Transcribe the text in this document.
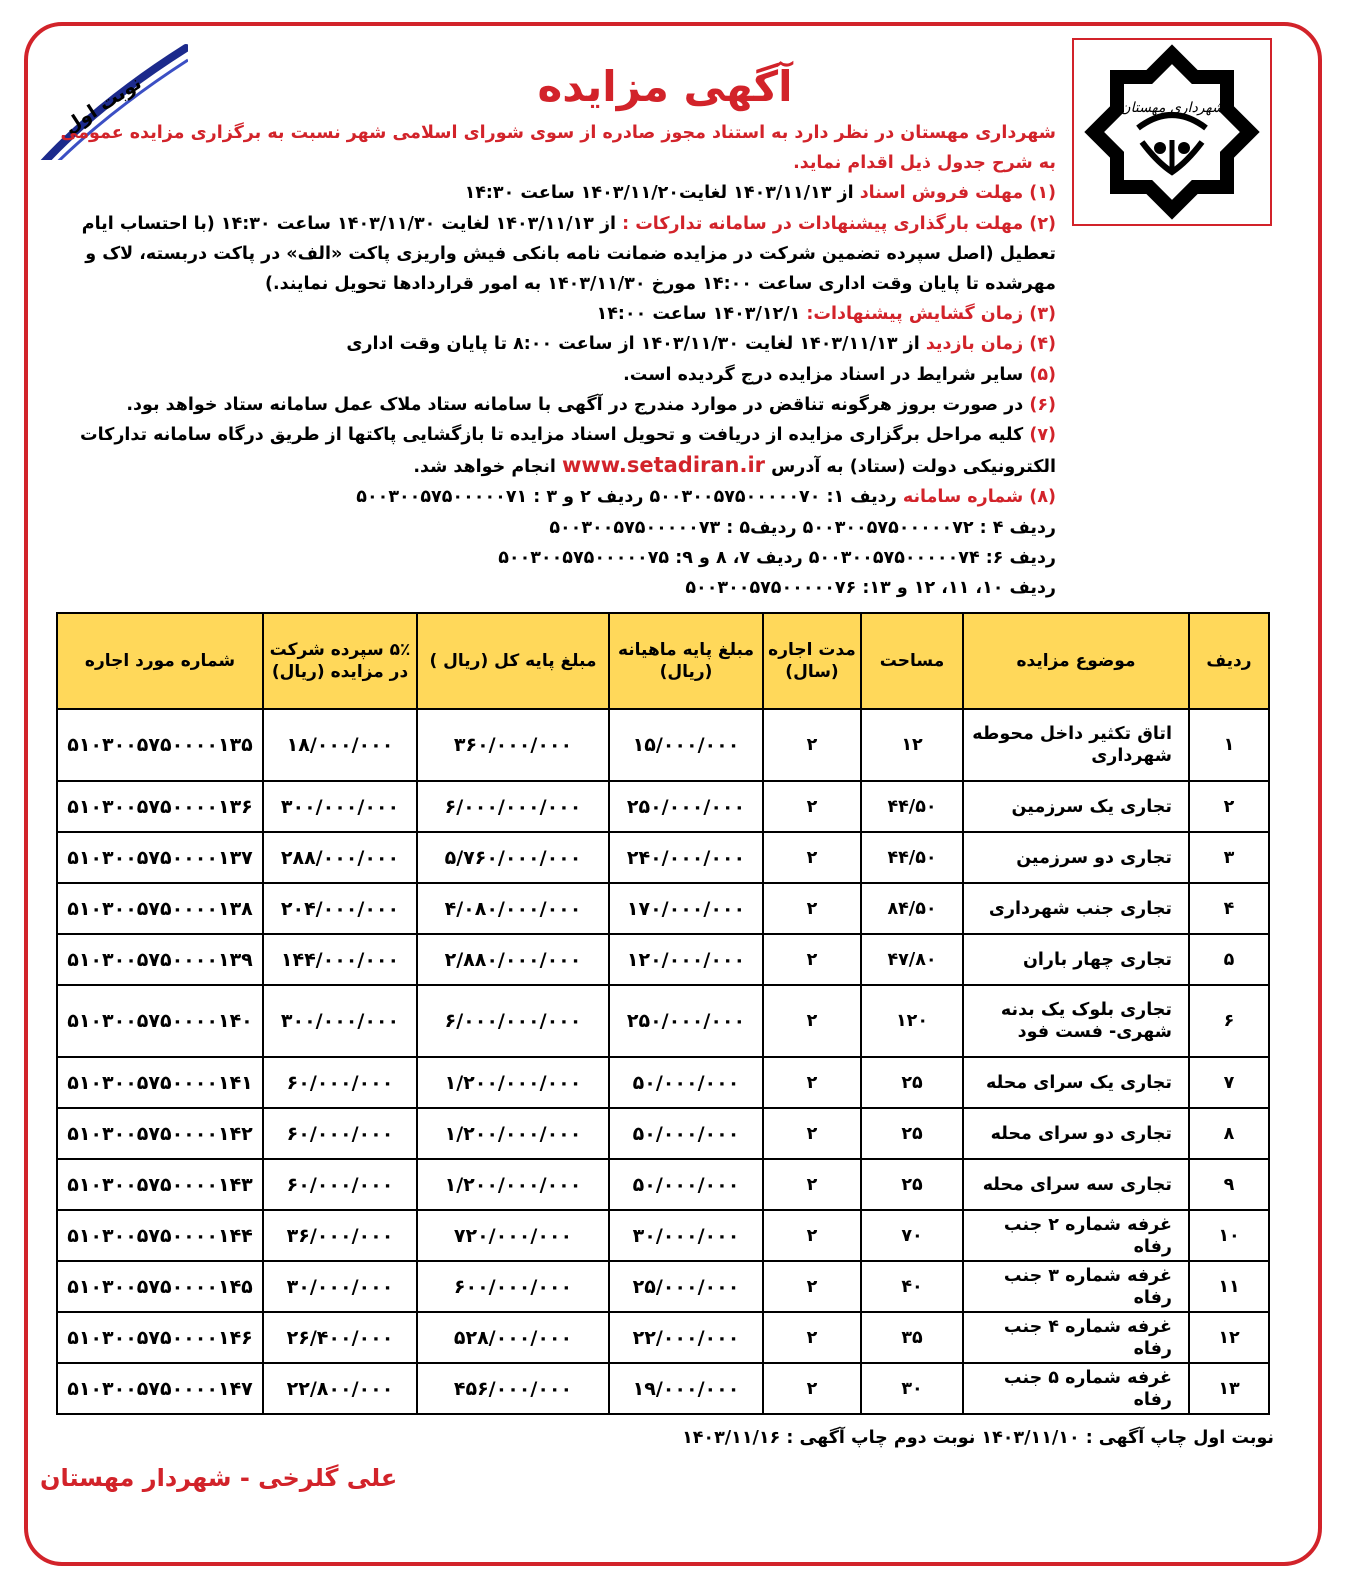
نوبت اول	شهرداری مهستان
آگهی مزایده

شهرداری مهستان در نظر دارد به استناد مجوز صادره از سوی شورای اسلامی شهر نسبت به برگزاری مزایده عمومی به شرح جدول ذیل اقدام نماید.

(۱) مهلت فروش اسناد از ۱۴۰۳/۱۱/۱۳ لغایت۱۴۰۳/۱۱/۲۰ ساعت ۱۴:۳۰

(۲) مهلت بارگذاری پیشنهادات در سامانه تدارکات : از ۱۴۰۳/۱۱/۱۳ لغایت ۱۴۰۳/۱۱/۳۰ ساعت ۱۴:۳۰ (با احتساب ایام تعطیل (اصل سپرده تضمین شرکت در مزایده ضمانت نامه بانکی فیش واریزی پاکت «الف» در پاکت دربسته، لاک و مهرشده تا پایان وقت اداری ساعت ۱۴:۰۰ مورخ ۱۴۰۳/۱۱/۳۰ به امور قراردادها تحویل نمایند.)

(۳) زمان گشایش پیشنهادات: ۱۴۰۳/۱۲/۱ ساعت ۱۴:۰۰

(۴) زمان بازدید از ۱۴۰۳/۱۱/۱۳ لغایت ۱۴۰۳/۱۱/۳۰ از ساعت ۸:۰۰ تا پایان وقت اداری

(۵) سایر شرایط در اسناد مزایده درج گردیده است.

(۶) در صورت بروز هرگونه تناقض در موارد مندرج در آگهی با سامانه ستاد ملاک عمل سامانه ستاد خواهد بود.

(۷) کلیه مراحل برگزاری مزایده از دریافت و تحویل اسناد مزایده تا بازگشایی پاکتها از طریق درگاه سامانه تدارکات الکترونیکی دولت (ستاد) به آدرس www.setadiran.ir انجام خواهد شد.

(۸) شماره سامانه ردیف ۱: ۵۰۰۳۰۰۵۷۵۰۰۰۰۰۷۰ ردیف ۲ و ۳ : ۵۰۰۳۰۰۵۷۵۰۰۰۰۰۷۱

ردیف ۴ : ۵۰۰۳۰۰۵۷۵۰۰۰۰۰۷۲ ردیف۵ : ۵۰۰۳۰۰۵۷۵۰۰۰۰۰۷۳

ردیف ۶: ۵۰۰۳۰۰۵۷۵۰۰۰۰۰۷۴ ردیف ۷، ۸ و ۹: ۵۰۰۳۰۰۵۷۵۰۰۰۰۰۷۵

ردیف ۱۰، ۱۱، ۱۲ و ۱۳: ۵۰۰۳۰۰۵۷۵۰۰۰۰۰۷۶

ردیف	موضوع مزایده	مساحت	مدت اجاره (سال)	مبلغ پایه ماهیانه (ریال)	مبلغ پایه کل (ریال )	۵٪ سپرده شرکت در مزایده (ریال)	شماره مورد اجاره
۱	اتاق تکثیر داخل محوطه شهرداری	۱۲	۲	۱۵/۰۰۰/۰۰۰	۳۶۰/۰۰۰/۰۰۰	۱۸/۰۰۰/۰۰۰	۵۱۰۳۰۰۵۷۵۰۰۰۰۱۳۵
۲	تجاری یک سرزمین	۴۴/۵۰	۲	۲۵۰/۰۰۰/۰۰۰	۶/۰۰۰/۰۰۰/۰۰۰	۳۰۰/۰۰۰/۰۰۰	۵۱۰۳۰۰۵۷۵۰۰۰۰۱۳۶
۳	تجاری دو سرزمین	۴۴/۵۰	۲	۲۴۰/۰۰۰/۰۰۰	۵/۷۶۰/۰۰۰/۰۰۰	۲۸۸/۰۰۰/۰۰۰	۵۱۰۳۰۰۵۷۵۰۰۰۰۱۳۷
۴	تجاری جنب شهرداری	۸۴/۵۰	۲	۱۷۰/۰۰۰/۰۰۰	۴/۰۸۰/۰۰۰/۰۰۰	۲۰۴/۰۰۰/۰۰۰	۵۱۰۳۰۰۵۷۵۰۰۰۰۱۳۸
۵	تجاری چهار باران	۴۷/۸۰	۲	۱۲۰/۰۰۰/۰۰۰	۲/۸۸۰/۰۰۰/۰۰۰	۱۴۴/۰۰۰/۰۰۰	۵۱۰۳۰۰۵۷۵۰۰۰۰۱۳۹
۶	تجاری بلوک یک بدنه شهری- فست فود	۱۲۰	۲	۲۵۰/۰۰۰/۰۰۰	۶/۰۰۰/۰۰۰/۰۰۰	۳۰۰/۰۰۰/۰۰۰	۵۱۰۳۰۰۵۷۵۰۰۰۰۱۴۰
۷	تجاری یک سرای محله	۲۵	۲	۵۰/۰۰۰/۰۰۰	۱/۲۰۰/۰۰۰/۰۰۰	۶۰/۰۰۰/۰۰۰	۵۱۰۳۰۰۵۷۵۰۰۰۰۱۴۱
۸	تجاری دو سرای محله	۲۵	۲	۵۰/۰۰۰/۰۰۰	۱/۲۰۰/۰۰۰/۰۰۰	۶۰/۰۰۰/۰۰۰	۵۱۰۳۰۰۵۷۵۰۰۰۰۱۴۲
۹	تجاری سه سرای محله	۲۵	۲	۵۰/۰۰۰/۰۰۰	۱/۲۰۰/۰۰۰/۰۰۰	۶۰/۰۰۰/۰۰۰	۵۱۰۳۰۰۵۷۵۰۰۰۰۱۴۳
۱۰	غرفه شماره ۲ جنب رفاه	۷۰	۲	۳۰/۰۰۰/۰۰۰	۷۲۰/۰۰۰/۰۰۰	۳۶/۰۰۰/۰۰۰	۵۱۰۳۰۰۵۷۵۰۰۰۰۱۴۴
۱۱	غرفه شماره ۳ جنب رفاه	۴۰	۲	۲۵/۰۰۰/۰۰۰	۶۰۰/۰۰۰/۰۰۰	۳۰/۰۰۰/۰۰۰	۵۱۰۳۰۰۵۷۵۰۰۰۰۱۴۵
۱۲	غرفه شماره ۴ جنب رفاه	۳۵	۲	۲۲/۰۰۰/۰۰۰	۵۲۸/۰۰۰/۰۰۰	۲۶/۴۰۰/۰۰۰	۵۱۰۳۰۰۵۷۵۰۰۰۰۱۴۶
۱۳	غرفه شماره ۵ جنب رفاه	۳۰	۲	۱۹/۰۰۰/۰۰۰	۴۵۶/۰۰۰/۰۰۰	۲۲/۸۰۰/۰۰۰	۵۱۰۳۰۰۵۷۵۰۰۰۰۱۴۷
نوبت اول چاپ آگهی : ۱۴۰۳/۱۱/۱۰ نوبت دوم چاپ آگهی : ۱۴۰۳/۱۱/۱۶
علی گلرخی - شهردار مهستان
